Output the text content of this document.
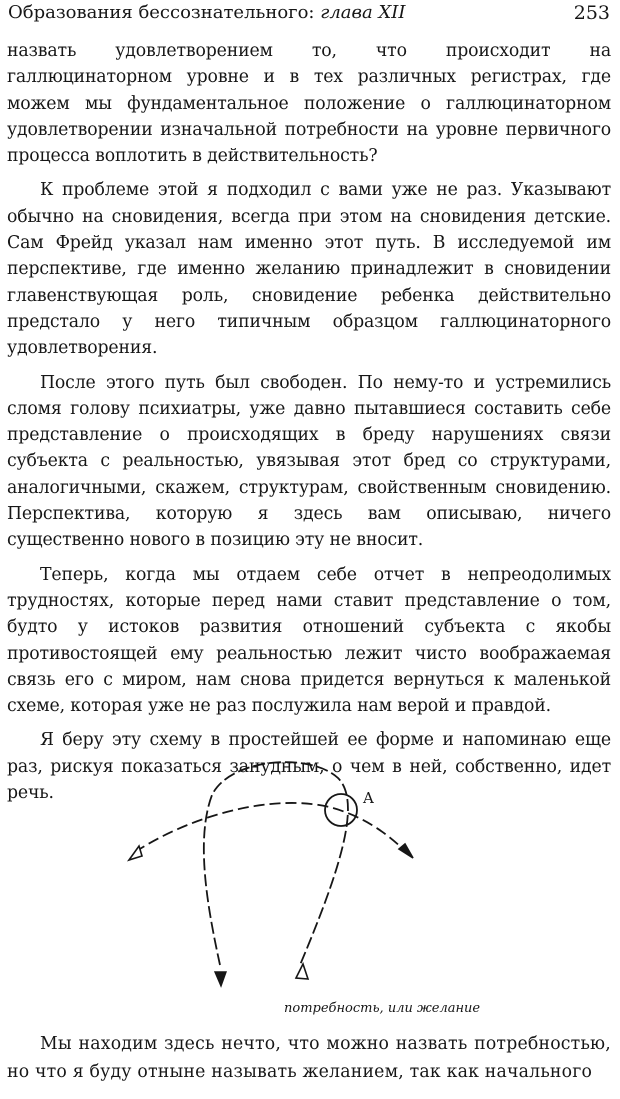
Образования бессознательного: глава XII	253

назвать удовлетворением то, что происходит на галлюцинаторном уровне и в тех различных регистрах, где можем мы фундаментальное положение о галлюцинаторном удовлетворении изначальной потребности на уровне первичного процесса воплотить в действительность?

К проблеме этой я подходил с вами уже не раз. Указывают обычно на сновидения, всегда при этом на сновидения детские. Сам Фрейд указал нам именно этот путь. В исследуемой им перспективе, где именно желанию принадлежит в сновидении главенствующая роль, сновидение ребенка действительно предстало у него типичным образцом галлюцинаторного удовлетворения.

После этого путь был свободен. По нему-то и устремились сломя голову психиатры, уже давно пытавшиеся составить себе представление о происходящих в бреду нарушениях связи субъекта с реальностью, увязывая этот бред со структурами, аналогичными, скажем, структурам, свойственным сновидению. Перспектива, которую я здесь вам описываю, ничего существенно нового в позицию эту не вносит.

Теперь, когда мы отдаем себе отчет в непреодолимых трудностях, которые перед нами ставит представление о том, будто у истоков развития отношений субъекта с якобы противостоящей ему реальностью лежит чисто воображаемая связь его с миром, нам снова придется вернуться к маленькой схеме, которая уже не раз послужила нам верой и правдой.

Я беру эту схему в простейшей ее форме и напоминаю еще раз, рискуя показаться занудным, о чем в ней, собственно, идет речь.	A
потребность, или желание

Мы находим здесь нечто, что можно назвать потребностью, но что я буду отныне называть желанием, так как начального
